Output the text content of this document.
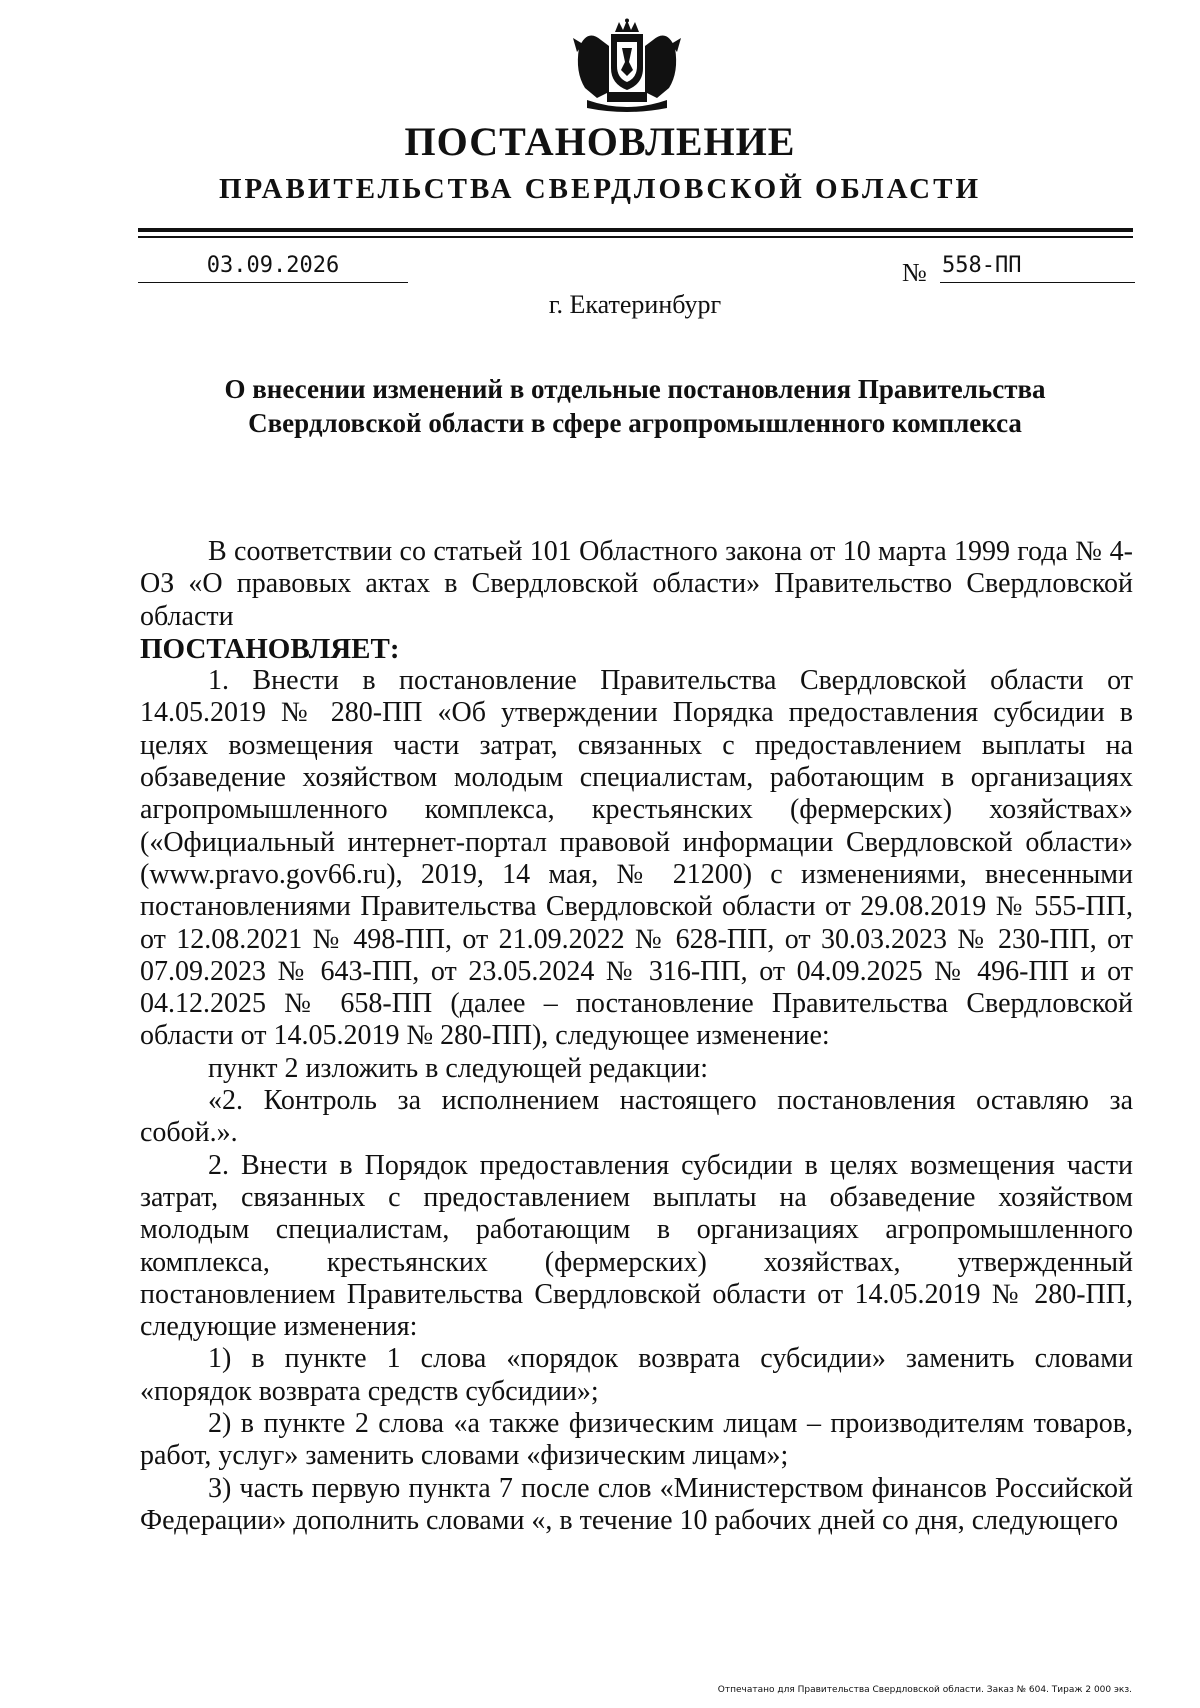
ПОСТАНОВЛЕНИЕ
ПРАВИТЕЛЬСТВА СВЕРДЛОВСКОЙ ОБЛАСТИ
03.09.2026	№ 558-ПП
г. Екатеринбург
О внесении изменений в отдельные постановления Правительства Свердловской области в сфере агропромышленного комплекса

В соответствии со статьей 101 Областного закона от 10 марта 1999 года № 4-ОЗ «О правовых актах в Свердловской области» Правительство Свердловской области

ПОСТАНОВЛЯЕТ:

1. Внести в постановление Правительства Свердловской области от 14.05.2019 № 280-ПП «Об утверждении Порядка предоставления субсидии в целях возмещения части затрат, связанных с предоставлением выплаты на обзаведение хозяйством молодым специалистам, работающим в организациях агропромышленного комплекса, крестьянских (фермерских) хозяйствах» («Официальный интернет-портал правовой информации Свердловской области» (www.pravo.gov66.ru), 2019, 14 мая, № 21200) с изменениями, внесенными постановлениями Правительства Свердловской области от 29.08.2019 № 555-ПП, от 12.08.2021 № 498-ПП, от 21.09.2022 № 628-ПП, от 30.03.2023 № 230-ПП, от 07.09.2023 № 643-ПП, от 23.05.2024 № 316-ПП, от 04.09.2025 № 496-ПП и от 04.12.2025 № 658-ПП (далее – постановление Правительства Свердловской области от 14.05.2019 № 280-ПП), следующее изменение:

пункт 2 изложить в следующей редакции:

«2. Контроль за исполнением настоящего постановления оставляю за собой.».

2. Внести в Порядок предоставления субсидии в целях возмещения части затрат, связанных с предоставлением выплаты на обзаведение хозяйством молодым специалистам, работающим в организациях агропромышленного комплекса, крестьянских (фермерских) хозяйствах, утвержденный постановлением Правительства Свердловской области от 14.05.2019 № 280-ПП, следующие изменения:

1) в пункте 1 слова «порядок возврата субсидии» заменить словами «порядок возврата средств субсидии»;

2) в пункте 2 слова «а также физическим лицам – производителям товаров, работ, услуг» заменить словами «физическим лицам»;

3) часть первую пункта 7 после слов «Министерством финансов Российской Федерации» дополнить словами «, в течение 10 рабочих дней со дня, следующего

Отпечатано для Правительства Свердловской области. Заказ № 604. Тираж 2 000 экз.
